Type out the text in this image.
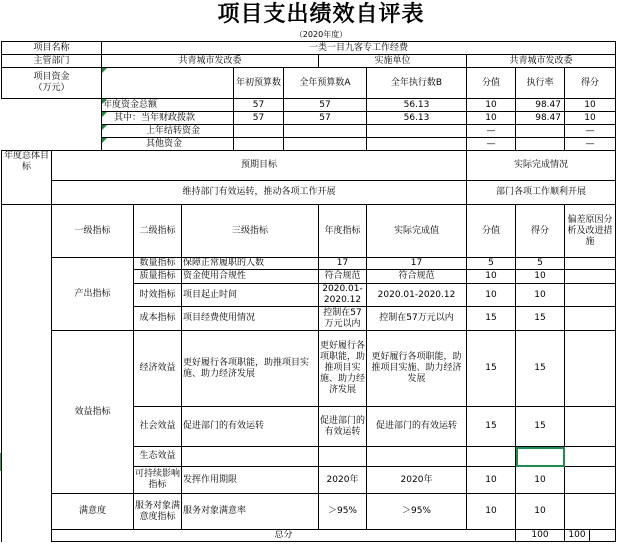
项目支出绩效自评表
（2020年度）
项目名称		一类一目九客专工作经费										
主管部门		共青城市发改委					实施单位		共青城市发改委			
项目资金
（万元）					年初预算数	全年预算数A		全年执行数B	分值	执行率	得分	
		年度资金总额			57	57		56.13	10	98.47	10	
		其中：当年财政拨款			57	57		56.13	10	98.47	10	
		上年结转资金							—		—	
		其他资金							—		—	
年度总体目标	预期目标								实际完成情况			
	维持部门有效运转，推动各项工作开展								部门各项工作顺利开展			
	一级指标		二级指标	三级指标			年度指标	实际完成值	分值	得分	偏差原因分析及改进措施	
	产出指标		数量指标	保障正常履职的人数			17	17	5	5		
			质量指标	资金使用合规性			符合规范	符合规范	10	10		
			时效指标	项目起止时间			2020.01-2020.12	2020.01-2020.12	10	10		
			成本指标	项目经费使用情况			控制在57万元以内	控制在57万元以内	15	15		
	效益指标		经济效益	更好履行各项职能，助推项目实施、助力经济发展			更好履行各项职能，助推项目实施、助力经济发展	更好履行各项职能，助推项目实施、助力经济发展	15	15		
			社会效益	促进部门的有效运转			促进部门的有效运转	促进部门的有效运转	15	15		
			生态效益									
			可持续影响指标	发挥作用期限			2020年	2020年	10	10		
	满意度		服务对象满意度指标	服务对象满意率			＞95%	＞95%	10	10		
	总分									100	100	
